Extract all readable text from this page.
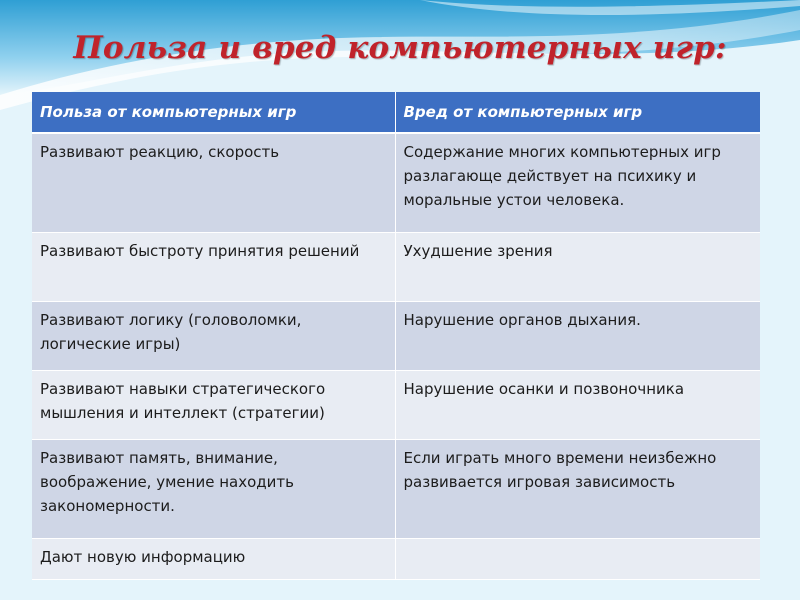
Польза и вред компьютерных игр:
Польза от компьютерных игр	Вред от компьютерных игр
Развивают реакцию, скорость	Содержание многих компьютерных игр разлагающе действует на психику и моральные устои человека.
Развивают быстроту принятия решений	Ухудшение зрения
Развивают логику (головоломки, логические игры)	Нарушение органов дыхания.
Развивают навыки стратегического мышления и интеллект (стратегии)	Нарушение осанки и позвоночника
Развивают память, внимание, воображение, умение находить закономерности.	Если играть много времени неизбежно развивается игровая зависимость
Дают новую информацию	
